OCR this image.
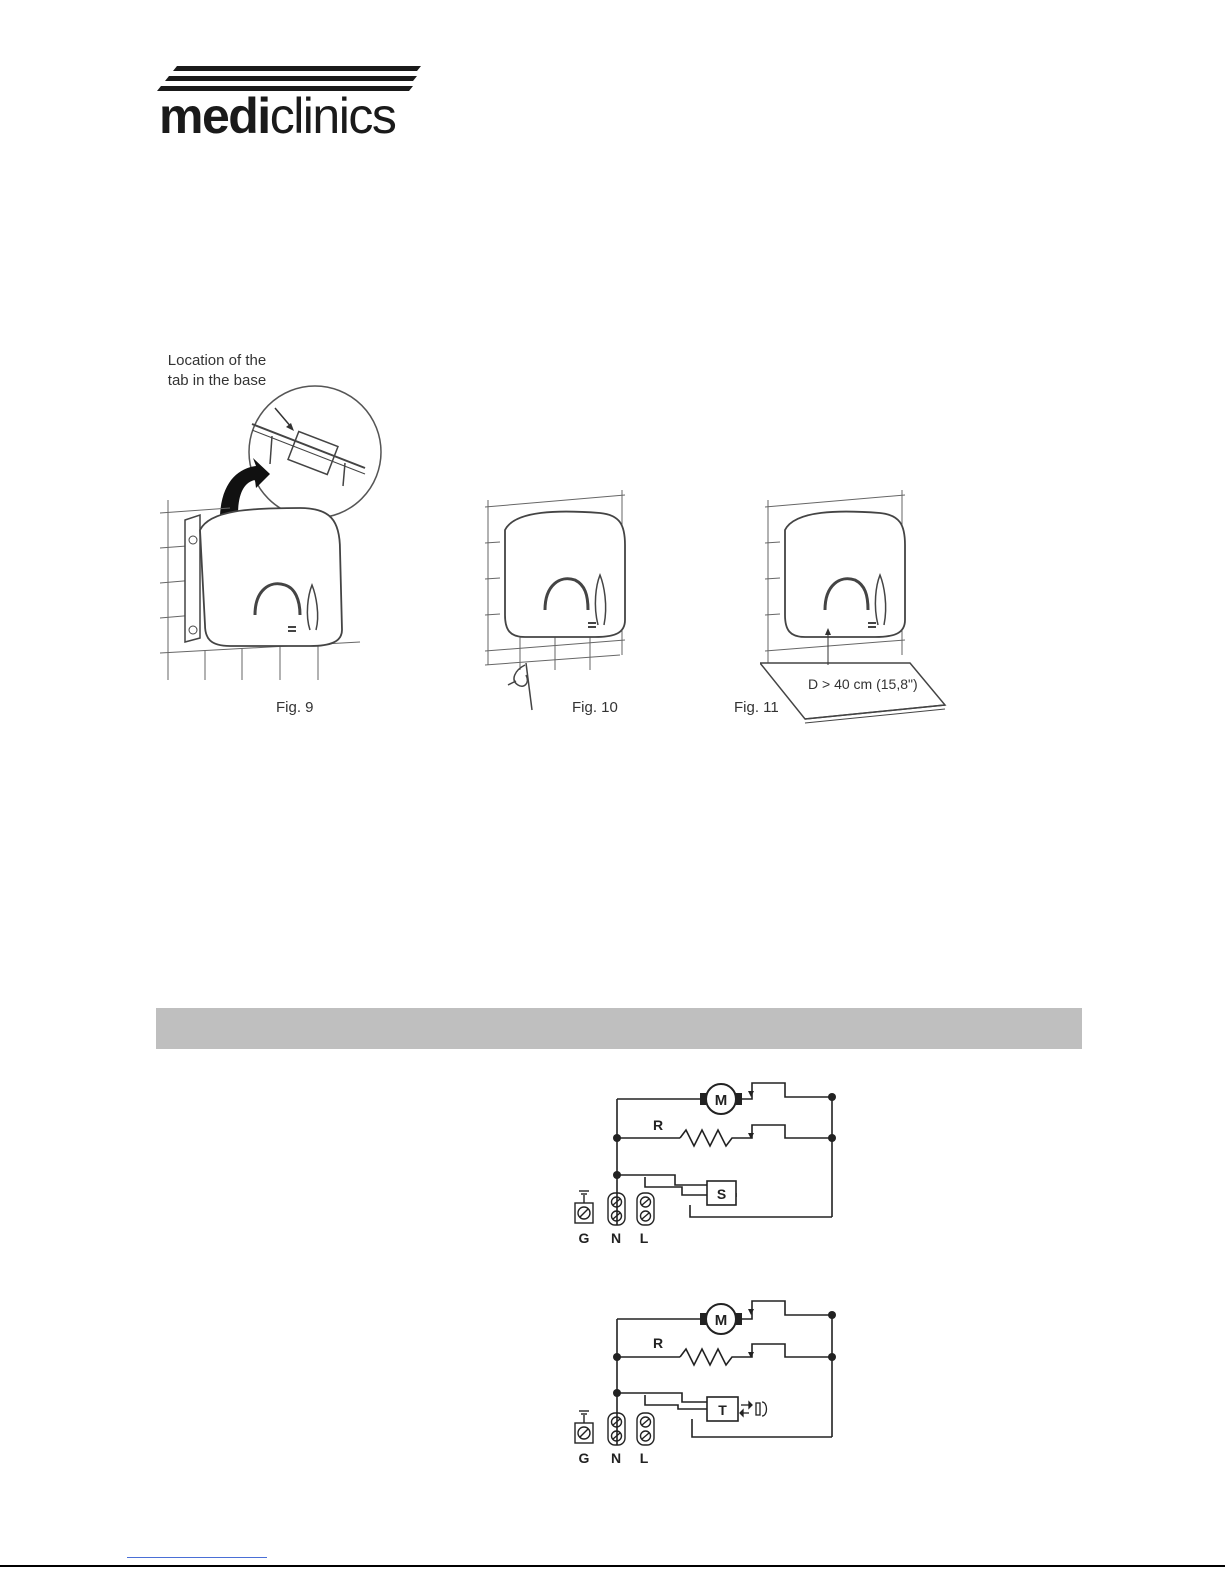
mediclinics
Location of the
tab in the base
Fig. 9	Fig. 10
D > 40 cm (15,8")
Fig. 11
M
R
S
G N L
M
R
T
G N L
